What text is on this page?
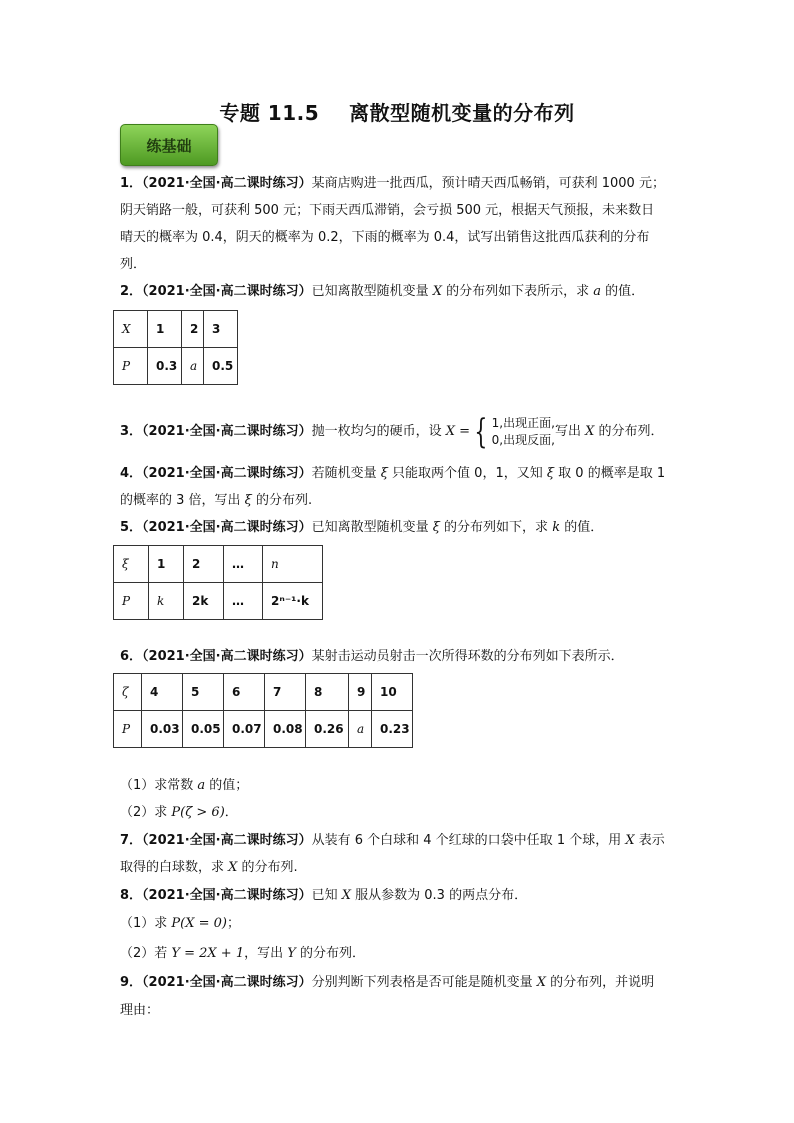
专题 11.5 离散型随机变量的分布列
练基础

1．（2021·全国·高二课时练习）某商店购进一批西瓜，预计晴天西瓜畅销，可获利 1000 元；

阴天销路一般，可获利 500 元；下雨天西瓜滞销，会亏损 500 元，根据天气预报，未来数日

晴天的概率为 0.4，阴天的概率为 0.2，下雨的概率为 0.4，试写出销售这批西瓜获利的分布

列．

2．（2021·全国·高二课时练习）已知离散型随机变量 X 的分布列如下表所示，求 a 的值．

X	1	2	3
P	0.3	a	0.5

3．（2021·全国·高二课时练习）抛一枚均匀的硬币，设 X = { 1,出现正面,
0,出现反面,写出 X 的分布列．

4．（2021·全国·高二课时练习）若随机变量 ξ 只能取两个值 0，1，又知 ξ 取 0 的概率是取 1

的概率的 3 倍，写出 ξ 的分布列.

5．（2021·全国·高二课时练习）已知离散型随机变量 ξ 的分布列如下，求 k 的值．

ξ	1	2	…	n
P	k	2k	…	2ⁿ⁻¹·k

6．（2021·全国·高二课时练习）某射击运动员射击一次所得环数的分布列如下表所示．

ζ	4	5	6	7	8	9	10
P	0.03	0.05	0.07	0.08	0.26	a	0.23

（1）求常数 a 的值；

（2）求 P(ζ > 6)．

7．（2021·全国·高二课时练习）从装有 6 个白球和 4 个红球的口袋中任取 1 个球，用 X 表示

取得的白球数，求 X 的分布列.

8．（2021·全国·高二课时练习）已知 X 服从参数为 0.3 的两点分布．

（1）求 P(X = 0)；

（2）若 Y = 2X + 1，写出 Y 的分布列．

9．（2021·全国·高二课时练习）分别判断下列表格是否可能是随机变量 X 的分布列，并说明

理由：
